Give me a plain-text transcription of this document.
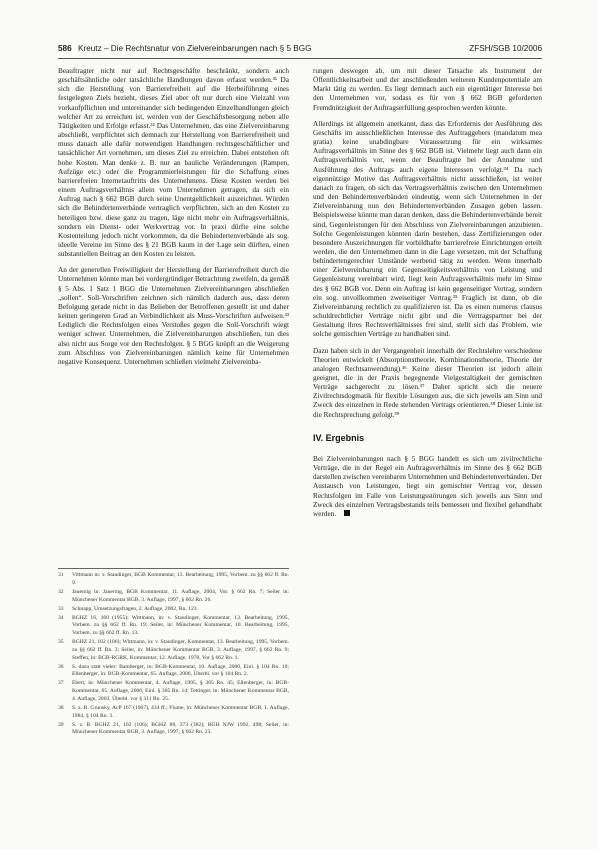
586 Kreutz – Die Rechtsnatur von Zielvereinbarungen nach § 5 BGG	ZFSH/SGB 10/2006

Beauftragter nicht nur auf Rechtsgeschäfte beschränkt, sondern auch geschäftsähnliche oder tatsächliche Handlungen davon erfasst werden.³¹ Da sich die Herstellung von Barrierefreiheit auf die Herbeiführung eines festgelegten Ziels bezieht, dieses Ziel aber oft nur durch eine Vielzahl von vorkaufpflichten und untereinander sich bedingenden Einzelhandlungen gleich welcher Art zu erreichen ist, werden von der Geschäftsbesorgung neben alle Tätigkeiten und Erfolge erfasst.³² Das Unternehmen, das eine Zielvereinbarung abschließt, verpflichtet sich demnach zur Herstellung von Barrierefreiheit und muss danach alle dafür notwendigen Handlungen rechtsgeschäftlicher und tatsächlicher Art vornehmen, um dieses Ziel zu erreichen. Dabei entstehen oft hohe Kosten. Man denke z. B. nur an bauliche Veränderungen (Rampen, Aufzüge etc.) oder die Programmierleistungen für die Schaffung eines barrierefreien Internetauftritts des Unternehmens. Diese Kosten werden bei einem Auftragsverhältnis allein vom Unternehmen getragen, da sich ein Auftrag nach § 662 BGB durch seine Unentgeltlichkeit auszeichnet. Würden sich die Behindertenverbände vertraglich verpflichten, sich an den Kosten zu beteiligen bzw. diese ganz zu tragen, läge nicht mehr ein Auftragsverhältnis, sondern ein Dienst- oder Werkvertrag vor. In praxi dürfte eine solche Kostenteilung jedoch nicht vorkommen, da die Behindertenverbände als sog. ideelle Vereine im Sinne des § 21 BGB kaum in der Lage sein dürften, einen substantiellen Beitrag an den Kosten zu leisten.

An der generellen Freiwilligkeit der Herstellung der Barrierefreiheit durch die Unternehmen könnte man bei vordergründiger Betrachtung zweifeln, da gemäß § 5 Abs. 1 Satz 1 BGG die Unternehmen Zielvereinbarungen abschließen „sollen“. Soll-Vorschriften zeichnen sich nämlich dadurch aus, dass deren Befolgung gerade nicht in das Belieben der Betroffenen gestellt ist und daher keinen geringeren Grad an Verbindlichkeit als Muss-Vorschriften aufweisen.³³ Lediglich die Rechtsfolgen eines Verstoßes gegen die Soll-Vorschrift wiegt weniger schwer. Unternehmen, die Zielvereinbarungen abschließen, tun dies also nicht aus Sorge vor den Rechtsfolgen. § 5 BGG knüpft an die Weigerung zum Abschluss von Zielvereinbarungen nämlich keine für Unternehmen negative Konsequenz. Unternehmen schließen vielmehr Zielvereinba-

31	Vittmann in: v. Staudinger, BGB Kommentar, 13. Bearbeitung, 1995, Vorbem. zu §§ 662 ff. Rn. 9.
32	Jauernig in: Jauernig, BGB Kommentar, 11. Auflage, 2004, Vor. § 662 Rn. 7; Seiler in: Münchener Kommentar BGB, 3. Auflage, 1997, § 662 Rn. 26.
33	Schnapp, Umsetzungsfragen, 2. Auflage, 2002, Rn. 123.
34	BGHZ 16, 160 (1955); Wittmann, in: v. Staudinger, Kommentar, 13. Bearbeitung, 1995, Vorbem. zu §§ 662 ff. Rn. 19; Seiler, in: Münchener Kommentar, 10. Bearbeitung, 1995, Vorbem. zu §§ 662 ff. Rn. 13.
35	BGHZ 21, 102 (106); Wittmann, in: v. Staudinger, Kommentar, 13. Bearbeitung, 1995, Vorbem. zu §§ 662 ff. Rn. 3; Seiler, in: Münchener Kommentar BGB, 3. Auflage, 1997, § 662 Rn. 9; Steffen, in: BGB-RGRK, Kommentar, 12. Auflage, 1978, Vor § 662 Rn. 1.
36	S. dazu statt vieler: Bamberger, in: BGB-Kommentar, 10. Auflage, 2000, Einl. § 104 Rn. 10; Ellenberger, in: BGB-Kommentar, 65. Auflage, 2006, Überbl. vor § 104 Rn. 2.
37	Ebert, in: Münchener Kommentar, 4. Auflage, 1995, § 305 Rn. 45; Ellenberger, in: BGB-Kommentar, 65. Auflage, 2006, Einl. § 305 Rn. 14; Tettinger, in: Münchener Kommentar BGB, 4. Auflage, 2003, Überbl. vor § 311 Rn. 25.
38	S. z. B. Grunsky, AcP 167 (1967), 434 ff.; Flume, in: Münchener Kommentar BGB, 1. Auflage, 1984, § 104 Rn. 3.
39	S. z. B. BGHZ 21, 102 (106); BGHZ 88, 373 (382); BGH NJW 1992, 498; Seiler, in: Münchener Kommentar BGB, 3. Auflage, 1997, § 662 Rn. 23.

rungen deswegen ab, um mit dieser Tatsache als Instrument der Öffentlichkeitsarbeit und der anschließenden weiteren Kundenpotentiale am Markt tätig zu werden. Es liegt demnach auch ein eigentätiger Interesse bei den Unternehmen vor, sodass es für von § 662 BGB geforderten Fremdnützigkeit der Auftragserfüllung gesprochen werden könnte.

Allerdings ist allgemein anerkannt, dass das Erfordernis der Ausführung des Geschäfts im ausschließlichen Interesse des Auftraggebers (mandatum mea gratia) keine unabdingbare Voraussetzung für ein wirksames Auftragsverhältnis im Sinne des § 662 BGB ist. Vielmehr liegt auch dann ein Auftragsverhältnis vor, wenn der Beauftragte bei der Annahme und Ausführung des Auftrags auch eigene Interessen verfolgt.³⁴ Da nach eigennützige Motive das Auftragsverhältnis nicht ausschließen, ist weiter danach zu fragen, ob sich das Vertragsverhältnis zwischen den Unternehmen und den Behindertenverbänden eindeutig, wenn sich Unternehmen in der Zielvereinbarung nun den Behindertenverbänden Zusagen geben lassen. Beispielsweise könnte man daran denken, dass die Behindertenverbände bereit sind, Gegenleistungen für den Abschluss von Zielvereinbarungen anzubieten. Solche Gegenleistungen könnten darin bestehen, dass Zertifizierungen oder besondere Auszeichnungen für vorbildhafte barrierefreie Einrichtungen erteilt werden, die den Unternehmen dann in die Lage versetzen, mit der Schaffung behindertengerechter Umstände werbend tätig zu werden. Wenn innerhalb einer Zielvereinbarung ein Gegenseitigkeitsverhältnis von Leistung und Gegenleistung vereinbart wird, liegt kein Auftragsverhältnis mehr im Sinne des § 662 BGB vor. Denn ein Auftrag ist kein gegenseitiger Vertrag, sondern ein sog. unvollkommen zweiseitiger Vertrag.³⁵ Fraglich ist dann, ob die Zielvereinbarung rechtlich zu qualifizieren ist. Da es einen numerus clausus schuldrechtlicher Verträge nicht gibt und die Vertragspartner bei der Gestaltung ihres Rechtsverhältnisses frei sind, stellt sich das Problem, wie solche gemischten Verträge zu handhaben sind.

Dazu haben sich in der Vergangenheit innerhalb der Rechtslehre verschiedene Theorien entwickelt (Absorptionstheorie, Kombinationstheorie, Theorie der analogen Rechtsanwendung).³⁶ Keine dieser Theorien ist jedoch allein geeignet, die in der Praxis begegnende Vielgestaltigkeit der gemischten Verträge sachgerecht zu lösen.³⁷ Daher spricht sich die neuere Zivilrechtsdogmatik für flexible Lösungen aus, die sich jeweils am Sinn und Zweck des einzelnen in Rede stehenden Vertrags orientieren.³⁸ Dieser Linie ist die Rechtsprechung gefolgt.³⁹

IV. Ergebnis

Bei Zielvereinbarungen nach § 5 BGG handelt es sich um zivilrechtliche Verträge, die in der Regel ein Auftragsverhältnis im Sinne des § 662 BGB darstellen zwischen vereinbaren Unternehmen und Behindertenverbänden. Der Austausch von Leistungen, liegt ein gemischter Vertrag vor, dessen Rechtsfolgen im Falle von Leistungsstörungen sich jeweils aus Sinn und Zweck des einzelnen Vertragsbestands teils bemessen und flexibel gehandhabt werden.
